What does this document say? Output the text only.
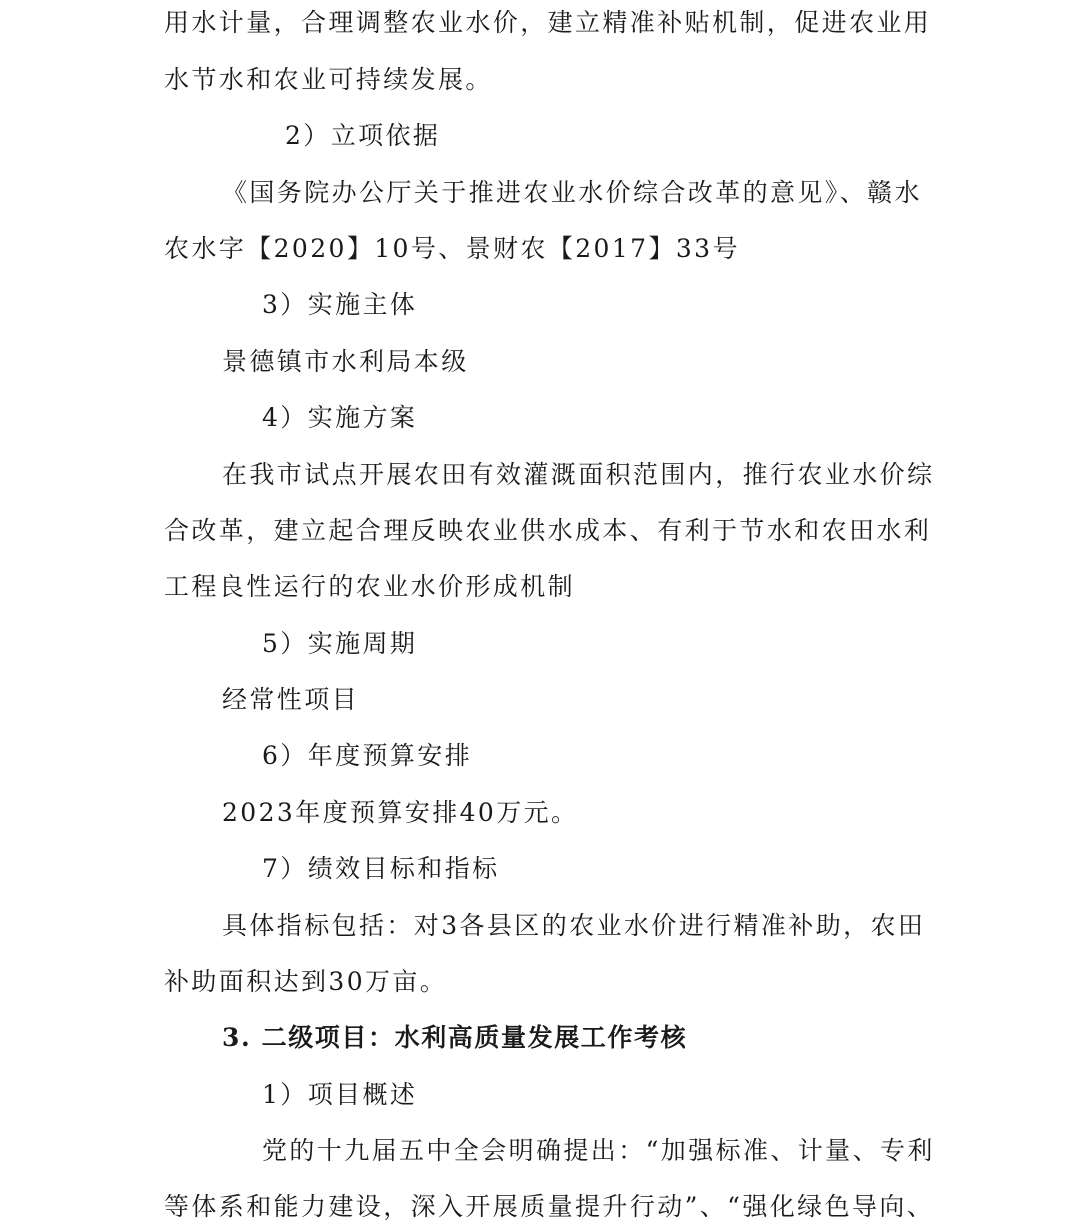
用水计量，合理调整农业水价，建立精准补贴机制，促进农业用
水节水和农业可持续发展。
2）立项依据
《国务院办公厅关于推进农业水价综合改革的意见》、赣水
农水字【2020】10号、景财农【2017】33号
3）实施主体
景德镇市水利局本级
4）实施方案
在我市试点开展农田有效灌溉面积范围内，推行农业水价综
合改革，建立起合理反映农业供水成本、有利于节水和农田水利
工程良性运行的农业水价形成机制
5）实施周期
经常性项目
6）年度预算安排
2023年度预算安排40万元。
7）绩效目标和指标
具体指标包括：对3各县区的农业水价进行精准补助，农田
补助面积达到30万亩。
3. 二级项目：水利高质量发展工作考核
1）项目概述
党的十九届五中全会明确提出：“加强标准、计量、专利
等体系和能力建设，深入开展质量提升行动”、“强化绿色导向、
